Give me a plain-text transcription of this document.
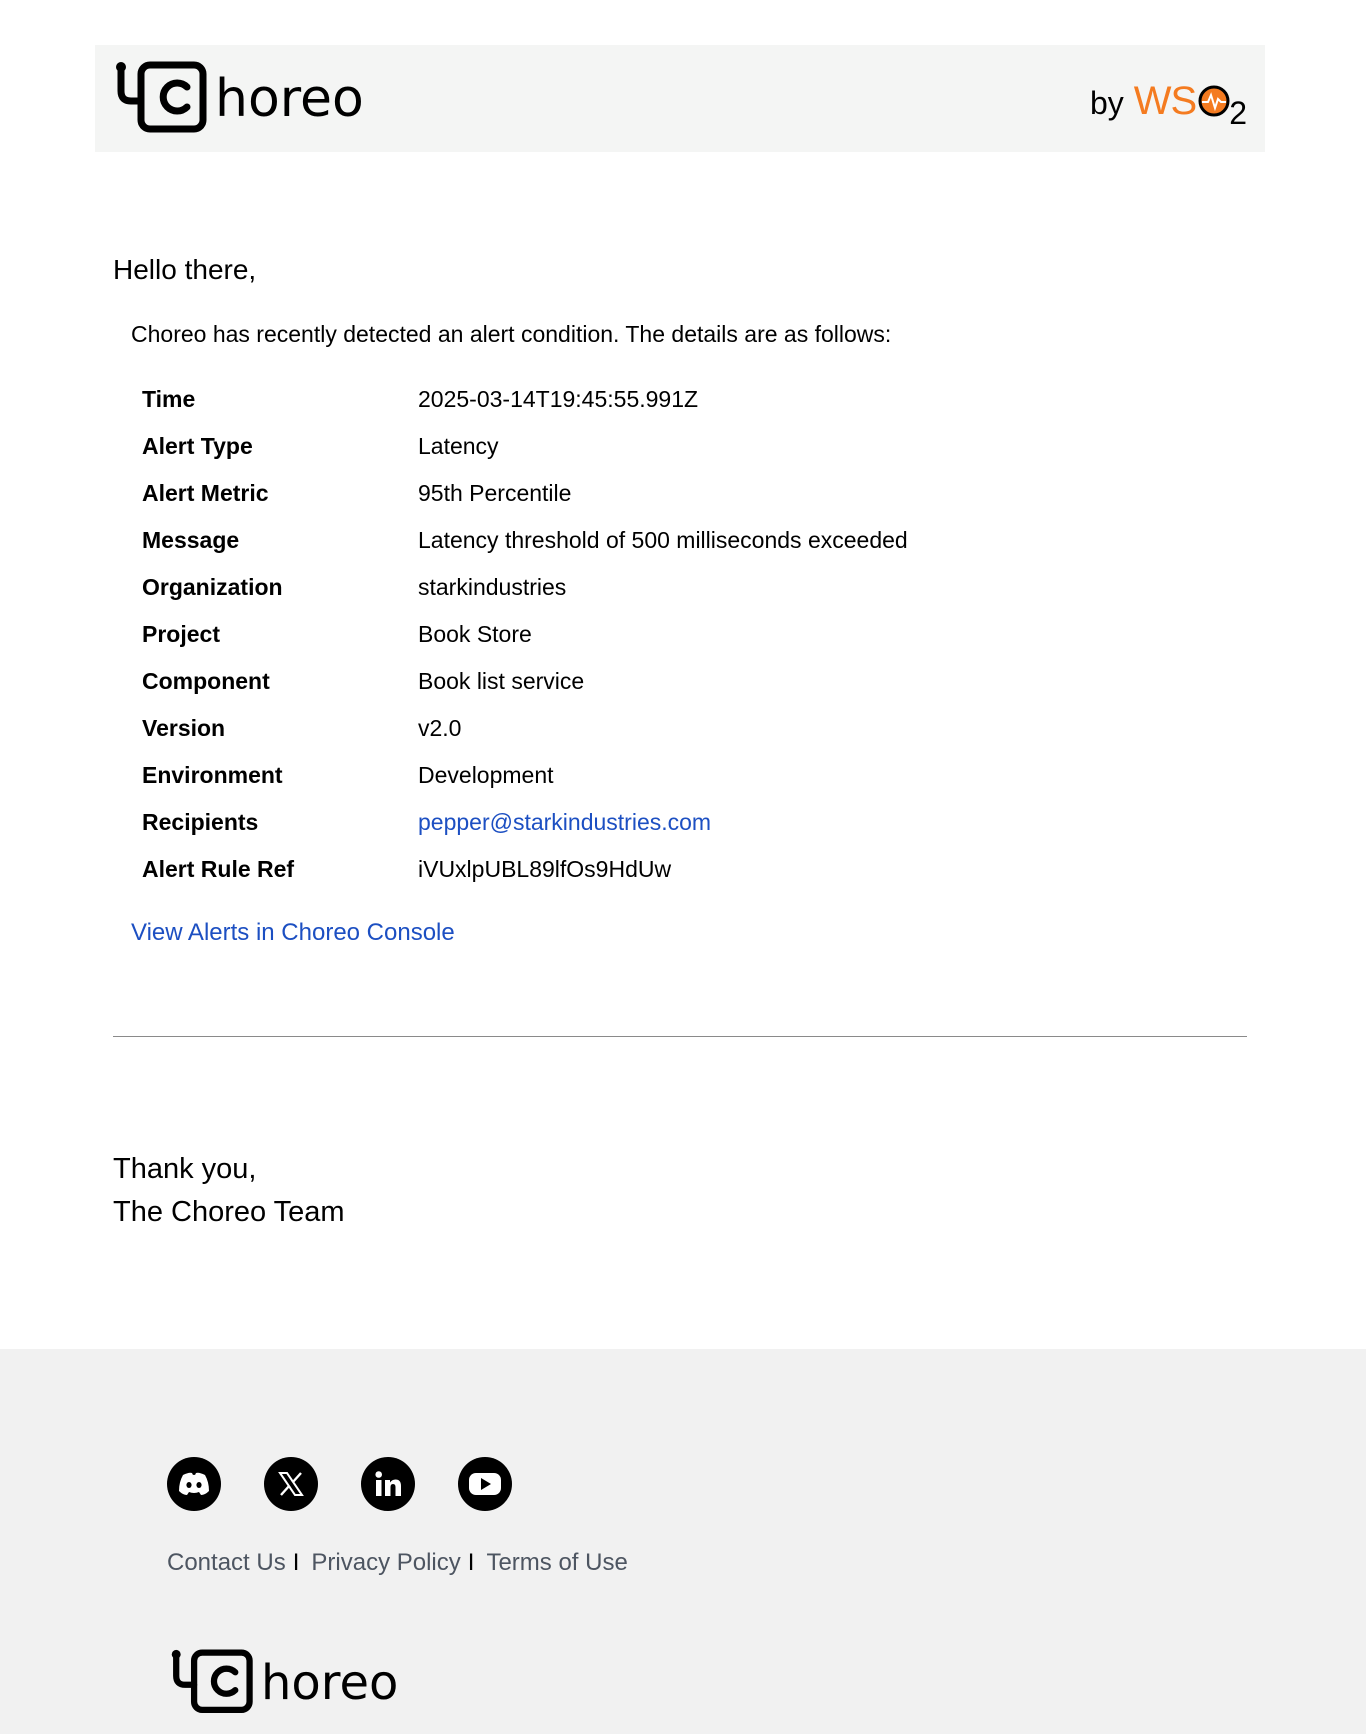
horeo	by WS 2
Hello there,
Choreo has recently detected an alert condition. The details are as follows:
Time	2025-03-14T19:45:55.991Z
Alert Type	Latency
Alert Metric	95th Percentile
Message	Latency threshold of 500 milliseconds exceeded
Organization	starkindustries
Project	Book Store
Component	Book list service
Version	v2.0
Environment	Development
Recipients	pepper@starkindustries.com
Alert Rule Ref	iVUxlpUBL89lfOs9HdUw
View Alerts in Choreo Console
Thank you,
The Choreo Team
Contact Us I Privacy Policy I Terms of Use
horeo
